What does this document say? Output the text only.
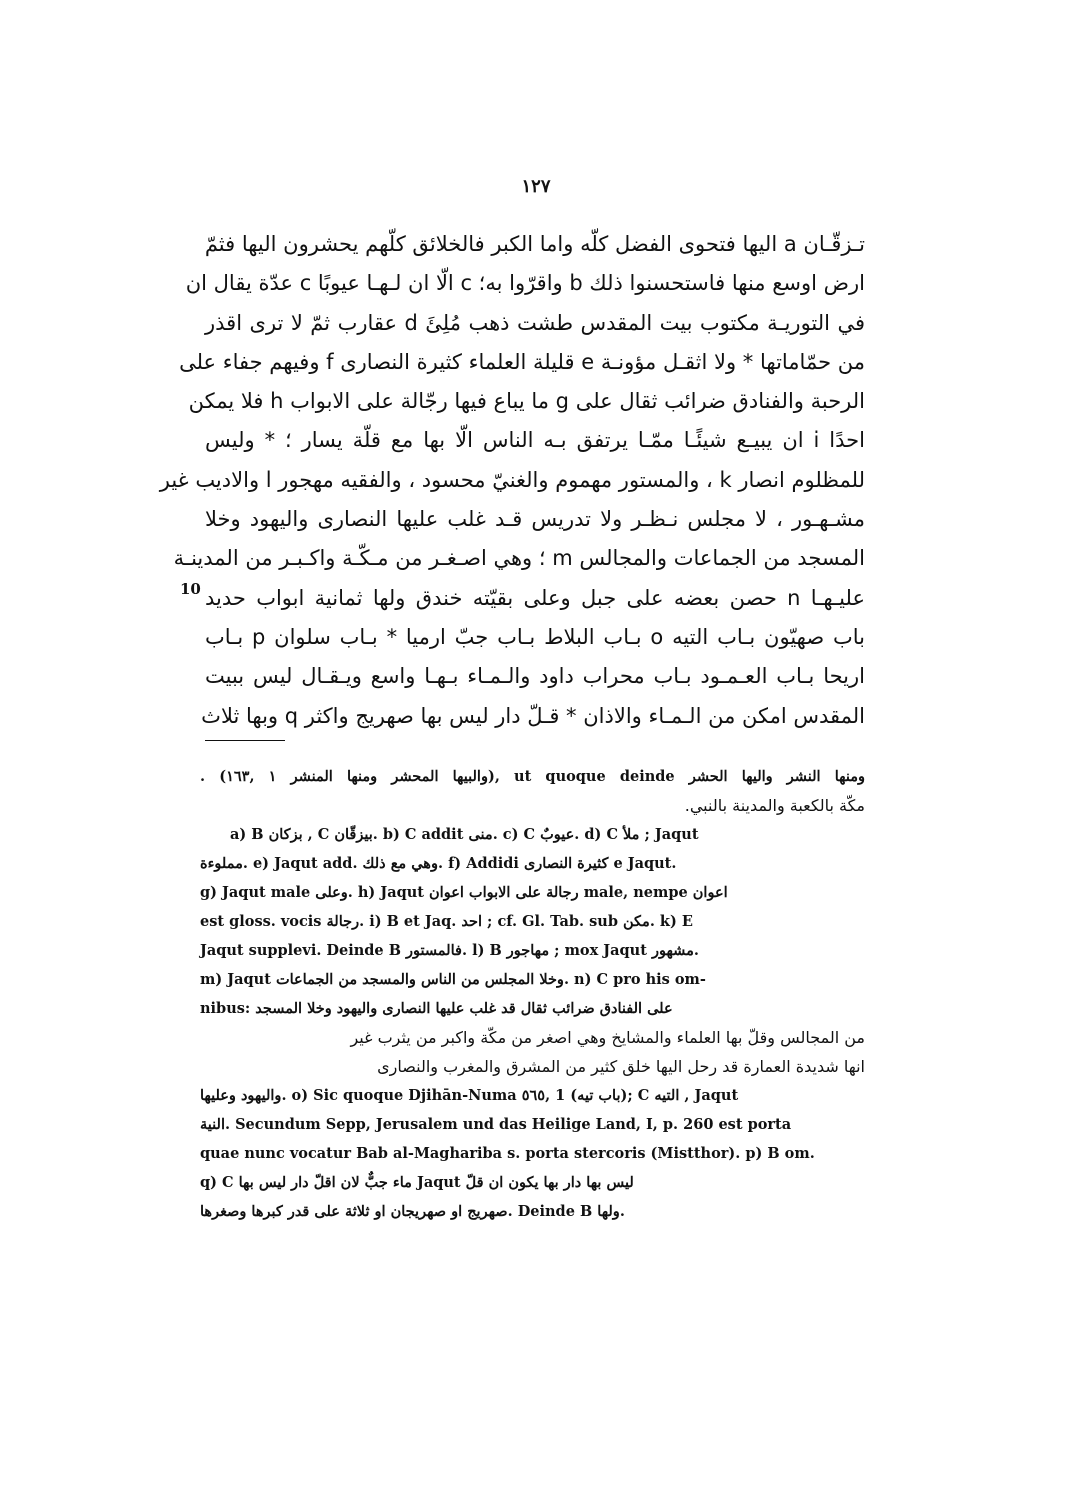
١٢٧
تـزقّـان a اليها فتحوى الفضل كلّه واما الكبر فالخلائق كلّهم يحشرون اليها فثمّ
ارض اوسع منها فاستحسنوا ذلك b واقرّوا به؛ c الّا ان لـهـا عيوبًا c عدّة يقال ان
في التوريـة مكتوب بيت المقدس طشت ذهب مُلِئَ d عقارب ثمّ لا ترى اقذر
من حمّاماتها * ولا اثقـل مؤونـة e قليلة العلماء كثيرة النصارى f وفيهم جفاء على
الرحبة والفنادق ضرائب ثقال على g ما يباع فيها رجّالة على الابواب h فلا يمكن
احدًا i ان يبيـع شيئًـا ممّـا يرتفق بـه الناس الّا بها مع قلّة يسار ؛ * وليس
للمظلوم انصار k ، والمستور مهموم والغنيّ محسود ، والفقيه مهجور l والاديب غير
مشـهـور ، لا مجلس نـظـر ولا تدريس قـد غلب عليها النصارى واليهود وخلا
المسجد من الجماعات والمجالس m ؛ وهي اصـغـر من مـكّـة واكـبـر من المدينـة
عليـهـا n حصن بعضه على جبل وعلى بقيّته خندق ولها ثمانية ابواب حديد
باب صهيّون بـاب التيه o بـاب البلاط بـاب جبّ ارميا * بـاب سلوان p بـاب
اريحا بـاب العـمـود بـاب محراب داود والـمـاء بـهـا واسع ويـقـال ليس ببيت
المقدس امكن من الـمـاء والاذان * قـلّ دار ليس بها صهريج واكثر q وبها ثلاث
10
. (والبيها المحشر ومنها المنشر ١ ,١٦٣), ut quoque deinde ومنها النشر واليها الحشر
مكّة بالكعبة والمدينة بالنبي.
a) B بزكان , C بيزقّان. b) C addit منى. c) C عيوبٌ. d) C ملأ ; Jaqut
مملوءة. e) Jaqut add. وهي مع ذلك. f) Addidi كثيرة النصارى e Jaqut.
g) Jaqut male وعلى. h) Jaqut رجالة على الابواب اعوان male, nempe اعوان
est gloss. vocis رجالة. i) B et Jaq. احد ; cf. Gl. Tab. sub مكن. k) E
Jaqut supplevi. Deinde B فالمستور. l) B مهاجور ; mox Jaqut مشهور.
m) Jaqut وخلا المجلس من الناس والمسجد من الجماعات. n) C pro his om-
nibus: على الفنادق ضرائب ثقال قد غلب عليها النصارى واليهود وخلا المسجد
من المجالس وقلّ بها العلماء والمشايخ وهي اصغر من مكّة واكبر من يثرب غير
انها شديدة العمارة قد رحل اليها خلق كثير من المشرق والمغرب والنصارى
واليهود وعليها. o) Sic quoque Djihān-Numa ٥٦٥, 1 (باب تيه); C التيه , Jaqut
النية. Secundum Sepp, Jerusalem und das Heilige Land, I, p. 260 est porta
quae nunc vocatur Bab al-Maghariba s. porta stercoris (Mistthor). p) B om.
q) C ماء جبٌّ لان اقلّ دار ليس بها Jaqut ليس بها دار بها يكون ان قلّ
صهريج او صهريجان او ثلاثة على قدر كبرها وصغرها. Deinde B ولها.
